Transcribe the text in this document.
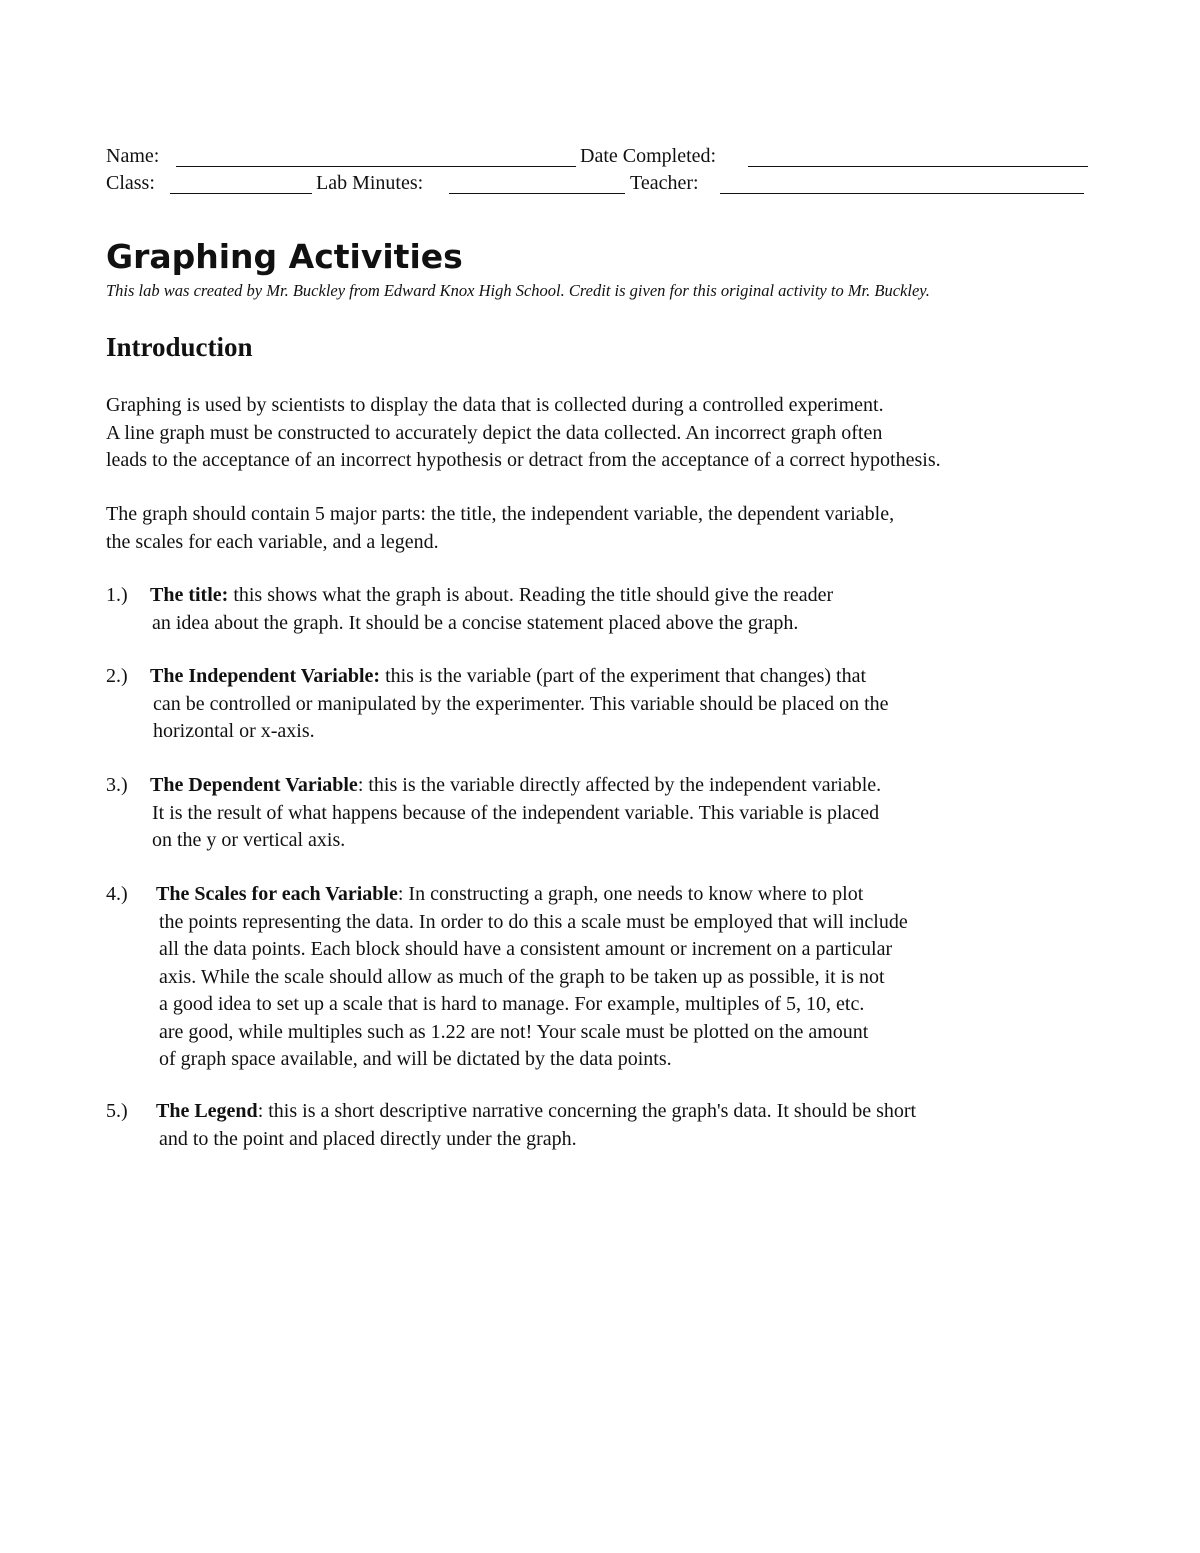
Name:	Date Completed:
Class:	Lab Minutes:	Teacher:
Graphing Activities
This lab was created by Mr. Buckley from Edward Knox High School. Credit is given for this original activity to Mr. Buckley.
Introduction
Graphing is used by scientists to display the data that is collected during a controlled experiment.
A line graph must be constructed to accurately depict the data collected. An incorrect graph often
leads to the acceptance of an incorrect hypothesis or detract from the acceptance of a correct hypothesis.
The graph should contain 5 major parts: the title, the independent variable, the dependent variable,
the scales for each variable, and a legend.
1.) The title: this shows what the graph is about. Reading the title should give the reader
an idea about the graph. It should be a concise statement placed above the graph.
2.) The Independent Variable: this is the variable (part of the experiment that changes) that
can be controlled or manipulated by the experimenter. This variable should be placed on the
horizontal or x-axis.
3.) The Dependent Variable: this is the variable directly affected by the independent variable.
It is the result of what happens because of the independent variable. This variable is placed
on the y or vertical axis.
4.) The Scales for each Variable: In constructing a graph, one needs to know where to plot
the points representing the data. In order to do this a scale must be employed that will include
all the data points. Each block should have a consistent amount or increment on a particular
axis. While the scale should allow as much of the graph to be taken up as possible, it is not
a good idea to set up a scale that is hard to manage. For example, multiples of 5, 10, etc.
are good, while multiples such as 1.22 are not! Your scale must be plotted on the amount
of graph space available, and will be dictated by the data points.
5.) The Legend: this is a short descriptive narrative concerning the graph's data. It should be short
and to the point and placed directly under the graph.
